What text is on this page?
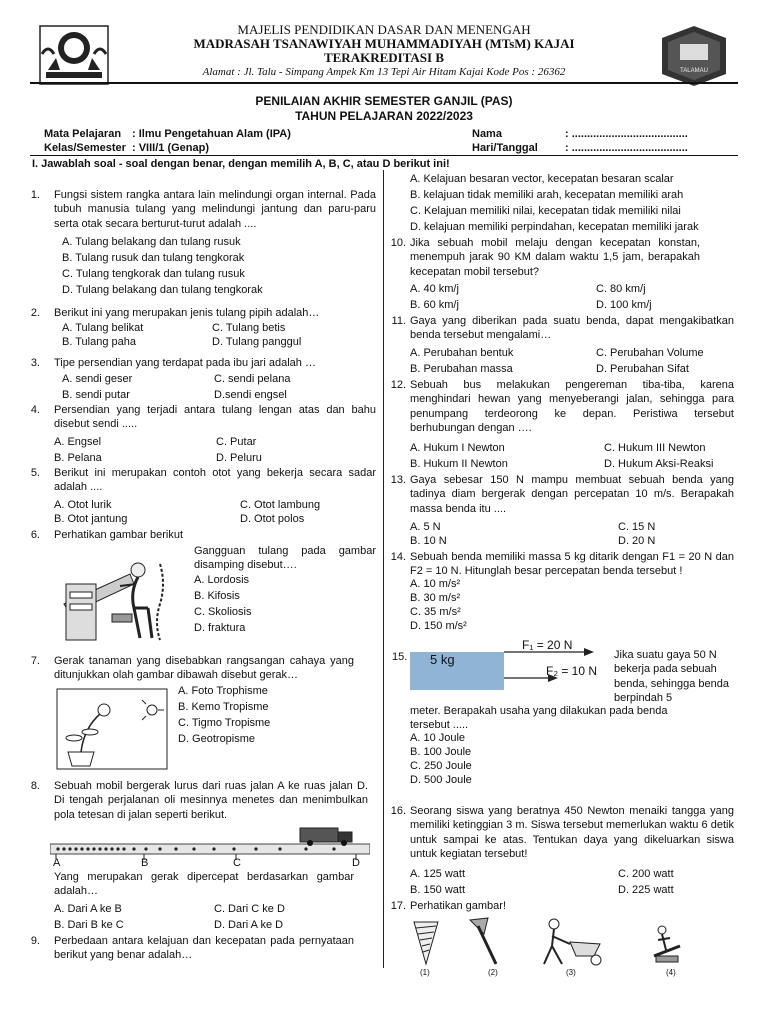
TALAMAU
MAJELIS PENDIDIKAN DASAR DAN MENENGAH
MADRASAH TSANAWIYAH MUHAMMADIYAH (MTsM) KAJAI
TERAKREDITASI B
Alamat : Jl. Talu - Simpang Ampek Km 13 Tepi Air Hitam Kajai Kode Pos : 26362
PENILAIAN AKHIR SEMESTER GANJIL (PAS)
TAHUN PELAJARAN 2022/2023
Mata Pelajaran : Ilmu Pengetahuan Alam (IPA)
Kelas/Semester : VIII/1 (Genap)
Nama	: ......................................
Hari/Tanggal : ......................................
I. Jawablah soal - soal dengan benar, dengan memilih A, B, C, atau D berikut ini!
1. Fungsi sistem rangka antara lain melindungi organ internal. Pada tubuh manusia tulang yang melindungi jantung dan paru-paru serta otak secara berturut-turut adalah ....
A. Tulang belakang dan tulang rusuk
B. Tulang rusuk dan tulang tengkorak
C. Tulang tengkorak dan tulang rusuk
D. Tulang belakang dan tulang tengkorak
2. Berikut ini yang merupakan jenis tulang pipih adalah…
A. Tulang belikat
B. Tulang paha
C. Tulang betis
D. Tulang panggul
3. Tipe persendian yang terdapat pada ibu jari adalah …
A. sendi geser
B. sendi putar
C. sendi pelana
D.sendi engsel
4. Persendian yang terjadi antara tulang lengan atas dan bahu disebut sendi .....
A. Engsel
B. Pelana
C. Putar
D. Peluru
5. Berikut ini merupakan contoh otot yang bekerja secara sadar adalah ....
A. Otot lurik
B. Otot jantung
C. Otot lambung
D. Otot polos
6. Perhatikan gambar berikut
Gangguan tulang pada gambar disamping disebut….
A. Lordosis
B. Kifosis
C. Skoliosis
D. fraktura
7. Gerak tanaman yang disebabkan rangsangan cahaya yang ditunjukkan olah gambar dibawah disebut gerak…
A. Foto Trophisme
B. Kemo Tropisme
C. Tigmo Tropisme
D. Geotropisme
8. Sebuah mobil bergerak lurus dari ruas jalan A ke ruas jalan D. Di tengah perjalanan oli mesinnya menetes dan menimbulkan pola tetesan di jalan seperti berikut.
A	B	C	D
Yang merupakan gerak dipercepat berdasarkan gambar adalah…
A. Dari A ke B
B. Dari B ke C
C. Dari C ke D
D. Dari A ke D
9. Perbedaan antara kelajuan dan kecepatan pada pernyataan berikut yang benar adalah…
A. Kelajuan besaran vector, kecepatan besaran scalar
B. kelajuan tidak memiliki arah, kecepatan memiliki arah
C. Kelajuan memiliki nilai, kecepatan tidak memiliki nilai
D. kelajuan memiliki perpindahan, kecepatan memiliki jarak
10. Jika sebuah mobil melaju dengan kecepatan konstan, menempuh jarak 90 KM dalam waktu 1,5 jam, berapakah kecepatan mobil tersebut?
A. 40 km/j
B. 60 km/j
C. 80 km/j
D. 100 km/j
11. Gaya yang diberikan pada suatu benda, dapat mengakibatkan benda tersebut mengalami…
A. Perubahan bentuk
B. Perubahan massa
C. Perubahan Volume
D. Perubahan Sifat
12. Sebuah bus melakukan pengereman tiba-tiba, karena menghindari hewan yang menyeberangi jalan, sehingga para penumpang terdeorong ke depan. Peristiwa tersebut berhubungan dengan ….
A. Hukum I Newton
B. Hukum II Newton
C. Hukum III Newton
D. Hukum Aksi-Reaksi
13. Gaya sebesar 150 N mampu membuat sebuah benda yang tadinya diam bergerak dengan percepatan 10 m/s. Berapakah massa benda itu ....
A. 5 N
B. 10 N
C. 15 N
D. 20 N
14. Sebuah benda memiliki massa 5 kg ditarik dengan F1 = 20 N dan F2 = 10 N. Hitunglah besar percepatan benda tersebut !
A. 10 m/s²
B. 30 m/s²
C. 35 m/s²
D. 150 m/s²
15. 5 kg
F₁ = 20 N
F₂ = 10 N
Jika suatu gaya 50 N bekerja pada sebuah benda, sehingga benda berpindah 5
meter. Berapakah usaha yang dilakukan pada benda tersebut .....
A. 10 Joule
B. 100 Joule
C. 250 Joule
D. 500 Joule
16. Seorang siswa yang beratnya 450 Newton menaiki tangga yang memiliki ketinggian 3 m. Siswa tersebut memerlukan waktu 6 detik untuk sampai ke atas. Tentukan daya yang dikeluarkan siswa untuk kegiatan tersebut!
A. 125 watt
B. 150 watt
C. 200 watt
D. 225 watt
17. Perhatikan gambar!
(1)	(2)	(3)	(4)
